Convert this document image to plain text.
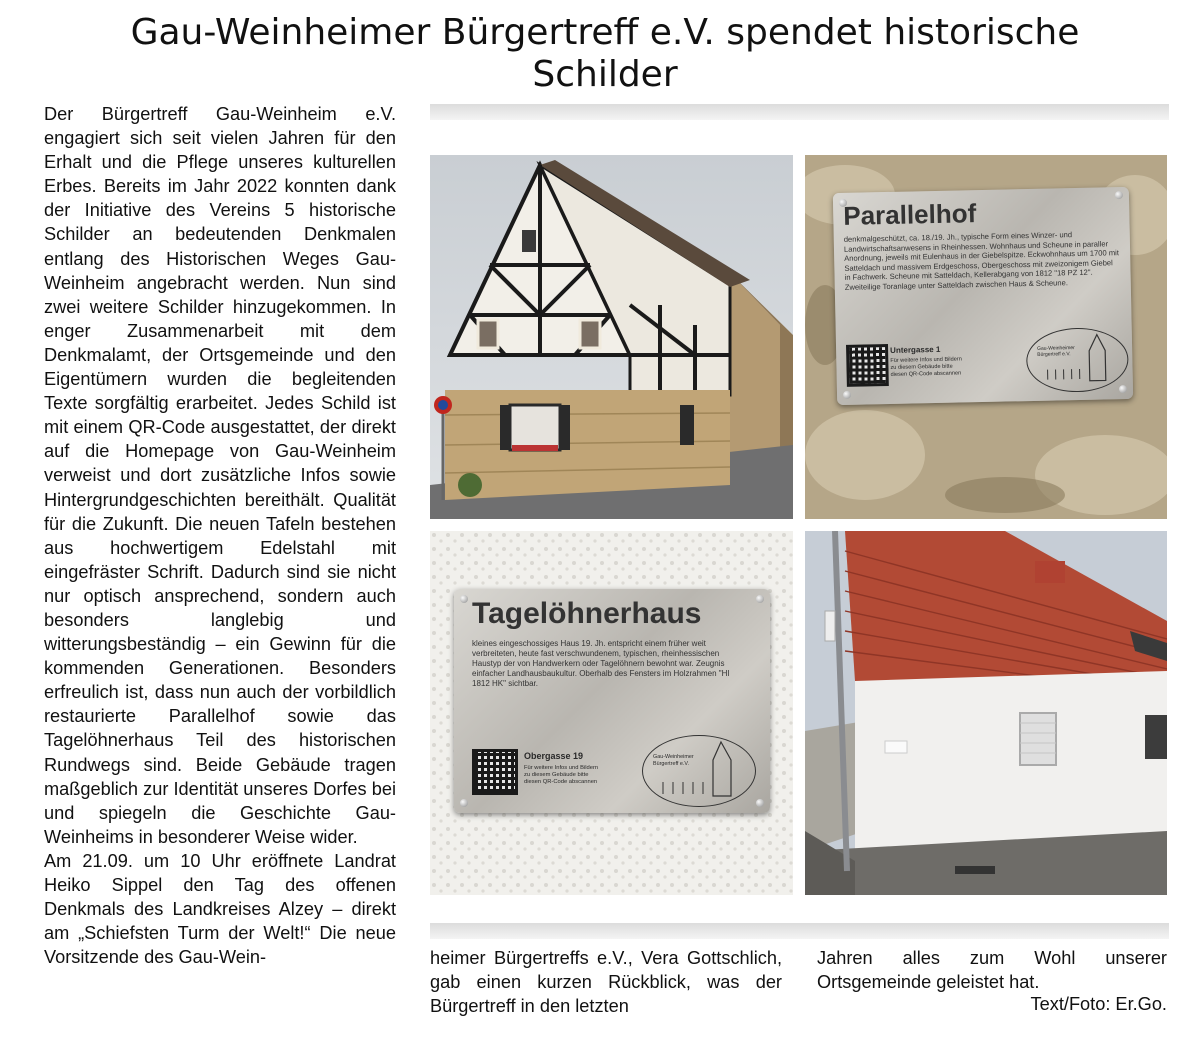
Gau-Weinheimer Bürgertreff e.V. spendet historische Schilder

Der Bürgertreff Gau-Weinheim e.V. engagiert sich seit vielen Jahren für den Erhalt und die Pflege unseres kulturellen Erbes. Bereits im Jahr 2022 konnten dank der Initiative des Vereins 5 historische Schilder an bedeutenden Denkmalen entlang des Historischen Weges Gau-Weinheim angebracht werden. Nun sind zwei weitere Schilder hinzugekommen. In enger Zusammenarbeit mit dem Denkmalamt, der Ortsgemeinde und den Eigentümern wurden die begleitenden Texte sorgfältig erarbeitet. Jedes Schild ist mit einem QR-Code ausgestattet, der direkt auf die Homepage von Gau-Weinheim verweist und dort zusätzliche Infos sowie Hintergrundgeschichten bereithält. Qualität für die Zukunft. Die neuen Tafeln bestehen aus hochwertigem Edelstahl mit eingefräster Schrift. Dadurch sind sie nicht nur optisch ansprechend, sondern auch besonders langlebig und witterungsbeständig – ein Gewinn für die kommenden Generationen. Besonders erfreulich ist, dass nun auch der vorbildlich restaurierte Parallelhof sowie das Tagelöhnerhaus Teil des historischen Rundwegs sind. Beide Gebäude tragen maßgeblich zur Identität unseres Dorfes bei und spiegeln die Geschichte Gau-Weinheims in besonderer Weise wider.

Am 21.09. um 10 Uhr eröffnete Landrat Heiko Sippel den Tag des offenen Denkmals des Landkreises Alzey – direkt am „Schiefsten Turm der Welt!“ Die neue Vorsitzende des Gau-Wein-

Parallelhof
denkmalgeschützt, ca. 18./19. Jh., typische Form eines Winzer- und Landwirtschaftsanwesens in Rheinhessen. Wohnhaus und Scheune in paraller Anordnung, jeweils mit Eulenhaus in der Giebelspitze. Eckwohnhaus um 1700 mit Satteldach und massivem Erdgeschoss, Obergeschoss mit zweizonigem Giebel in Fachwerk. Scheune mit Satteldach, Kellerabgang von 1812 "18 PZ 12". Zweiteilige Toranlage unter Satteldach zwischen Haus & Scheune.
Untergasse 1
Für weitere Infos und Bildern zu diesem Gebäude bitte diesen QR-Code abscannen
Gau-Weinheimer Bürgertreff e.V.
Tagelöhnerhaus
kleines eingeschossiges Haus 19. Jh. entspricht einem früher weit verbreiteten, heute fast verschwundenem, typischen, rheinhessischen Haustyp der von Handwerkern oder Tagelöhnern bewohnt war. Zeugnis einfacher Landhausbaukultur. Oberhalb des Fensters im Holzrahmen "HI 1812 HK" sichtbar.
Obergasse 19
Für weitere Infos und Bildern zu diesem Gebäude bitte diesen QR-Code abscannen
Gau-Weinheimer Bürgertreff e.V.

heimer Bürgertreffs e.V., Vera Gottschlich, gab einen kurzen Rückblick, was der Bürgertreff in den letzten

Jahren alles zum Wohl unserer Ortsgemeinde geleistet hat.

Text/Foto: Er.Go.
